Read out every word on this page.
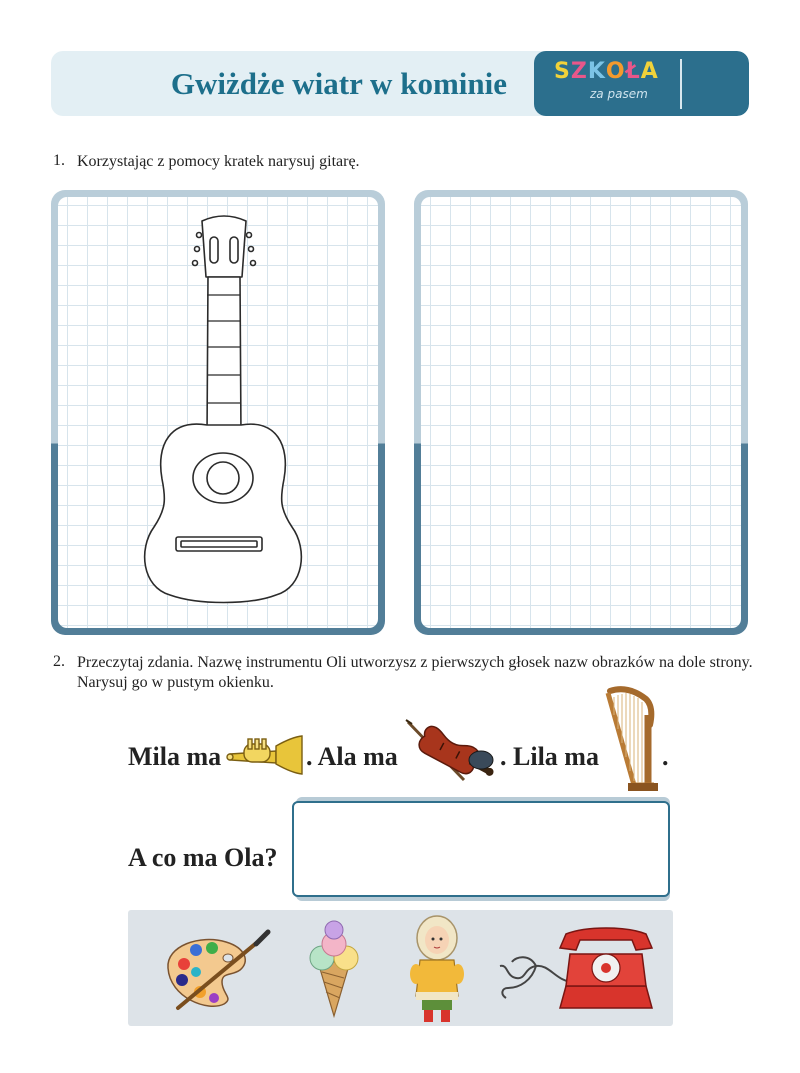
Gwiżdże wiatr w kominie	SZKOŁA
za pasem
1. Korzystając z pomocy kratek narysuj gitarę.
2. Przeczytaj zdania. Nazwę instrumentu Oli utworzysz z pierwszych głosek nazw obrazków na dole strony. Narysuj go w pustym okienku.
Mila ma	. Ala ma	. Lila ma .
A co ma Ola?
